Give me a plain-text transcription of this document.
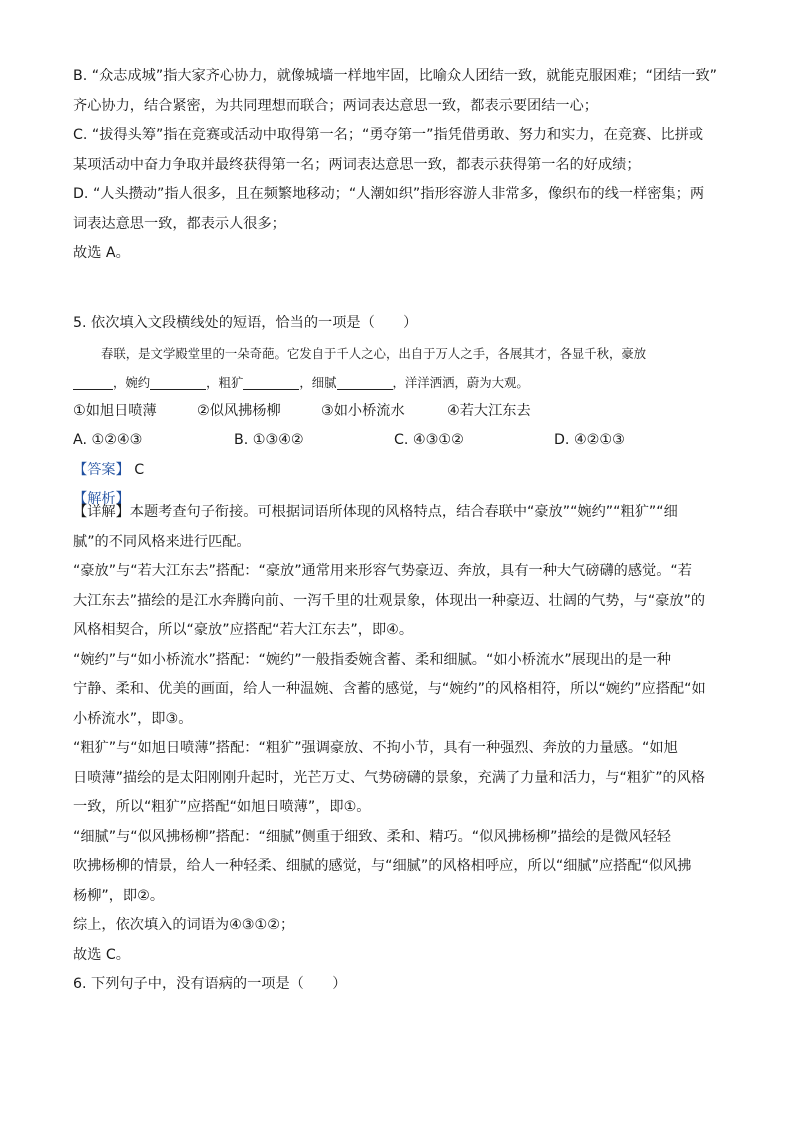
B. “众志成城”指大家齐心协力，就像城墙一样地牢固，比喻众人团结一致，就能克服困难；“团结一致”
齐心协力，结合紧密，为共同理想而联合；两词表达意思一致，都表示要团结一心；
C. “拔得头筹”指在竞赛或活动中取得第一名；“勇夺第一”指凭借勇敢、努力和实力，在竞赛、比拼或
某项活动中奋力争取并最终获得第一名；两词表达意思一致，都表示获得第一名的好成绩；
D. “人头攒动”指人很多，且在频繁地移动；“人潮如织”指形容游人非常多，像织布的线一样密集；两
词表达意思一致，都表示人很多；
故选 A。
5. 依次填入文段横线处的短语，恰当的一项是（　　）
春联，是文学殿堂里的一朵奇葩。它发自于千人之心，出自于万人之手，各展其才，各显千秋，豪放
，婉约	，粗犷	，细腻	，洋洋洒洒，蔚为大观。
①如旭日喷薄	②似风拂杨柳	③如小桥流水	④若大江东去
A. ①②④③	B. ①③④②	C. ④③①②	D. ④②①③
【答案】 C
【解析】
【详解】本题考查句子衔接。可根据词语所体现的风格特点，结合春联中“豪放”“婉约”“粗犷”“细
腻”的不同风格来进行匹配。
“豪放”与“若大江东去”搭配：“豪放”通常用来形容气势豪迈、奔放，具有一种大气磅礴的感觉。“若
大江东去”描绘的是江水奔腾向前、一泻千里的壮观景象，体现出一种豪迈、壮阔的气势，与“豪放”的
风格相契合，所以“豪放”应搭配“若大江东去”，即④。
“婉约”与“如小桥流水”搭配：“婉约”一般指委婉含蓄、柔和细腻。“如小桥流水”展现出的是一种
宁静、柔和、优美的画面，给人一种温婉、含蓄的感觉，与“婉约”的风格相符，所以“婉约”应搭配“如
小桥流水”，即③。
“粗犷”与“如旭日喷薄”搭配：“粗犷”强调豪放、不拘小节，具有一种强烈、奔放的力量感。“如旭
日喷薄”描绘的是太阳刚刚升起时，光芒万丈、气势磅礴的景象，充满了力量和活力，与“粗犷”的风格
一致，所以“粗犷”应搭配“如旭日喷薄”，即①。
“细腻”与“似风拂杨柳”搭配：“细腻”侧重于细致、柔和、精巧。“似风拂杨柳”描绘的是微风轻轻
吹拂杨柳的情景，给人一种轻柔、细腻的感觉，与“细腻”的风格相呼应，所以“细腻”应搭配“似风拂
杨柳”，即②。
综上，依次填入的词语为④③①②；
故选 C。
6. 下列句子中，没有语病的一项是（　　）
